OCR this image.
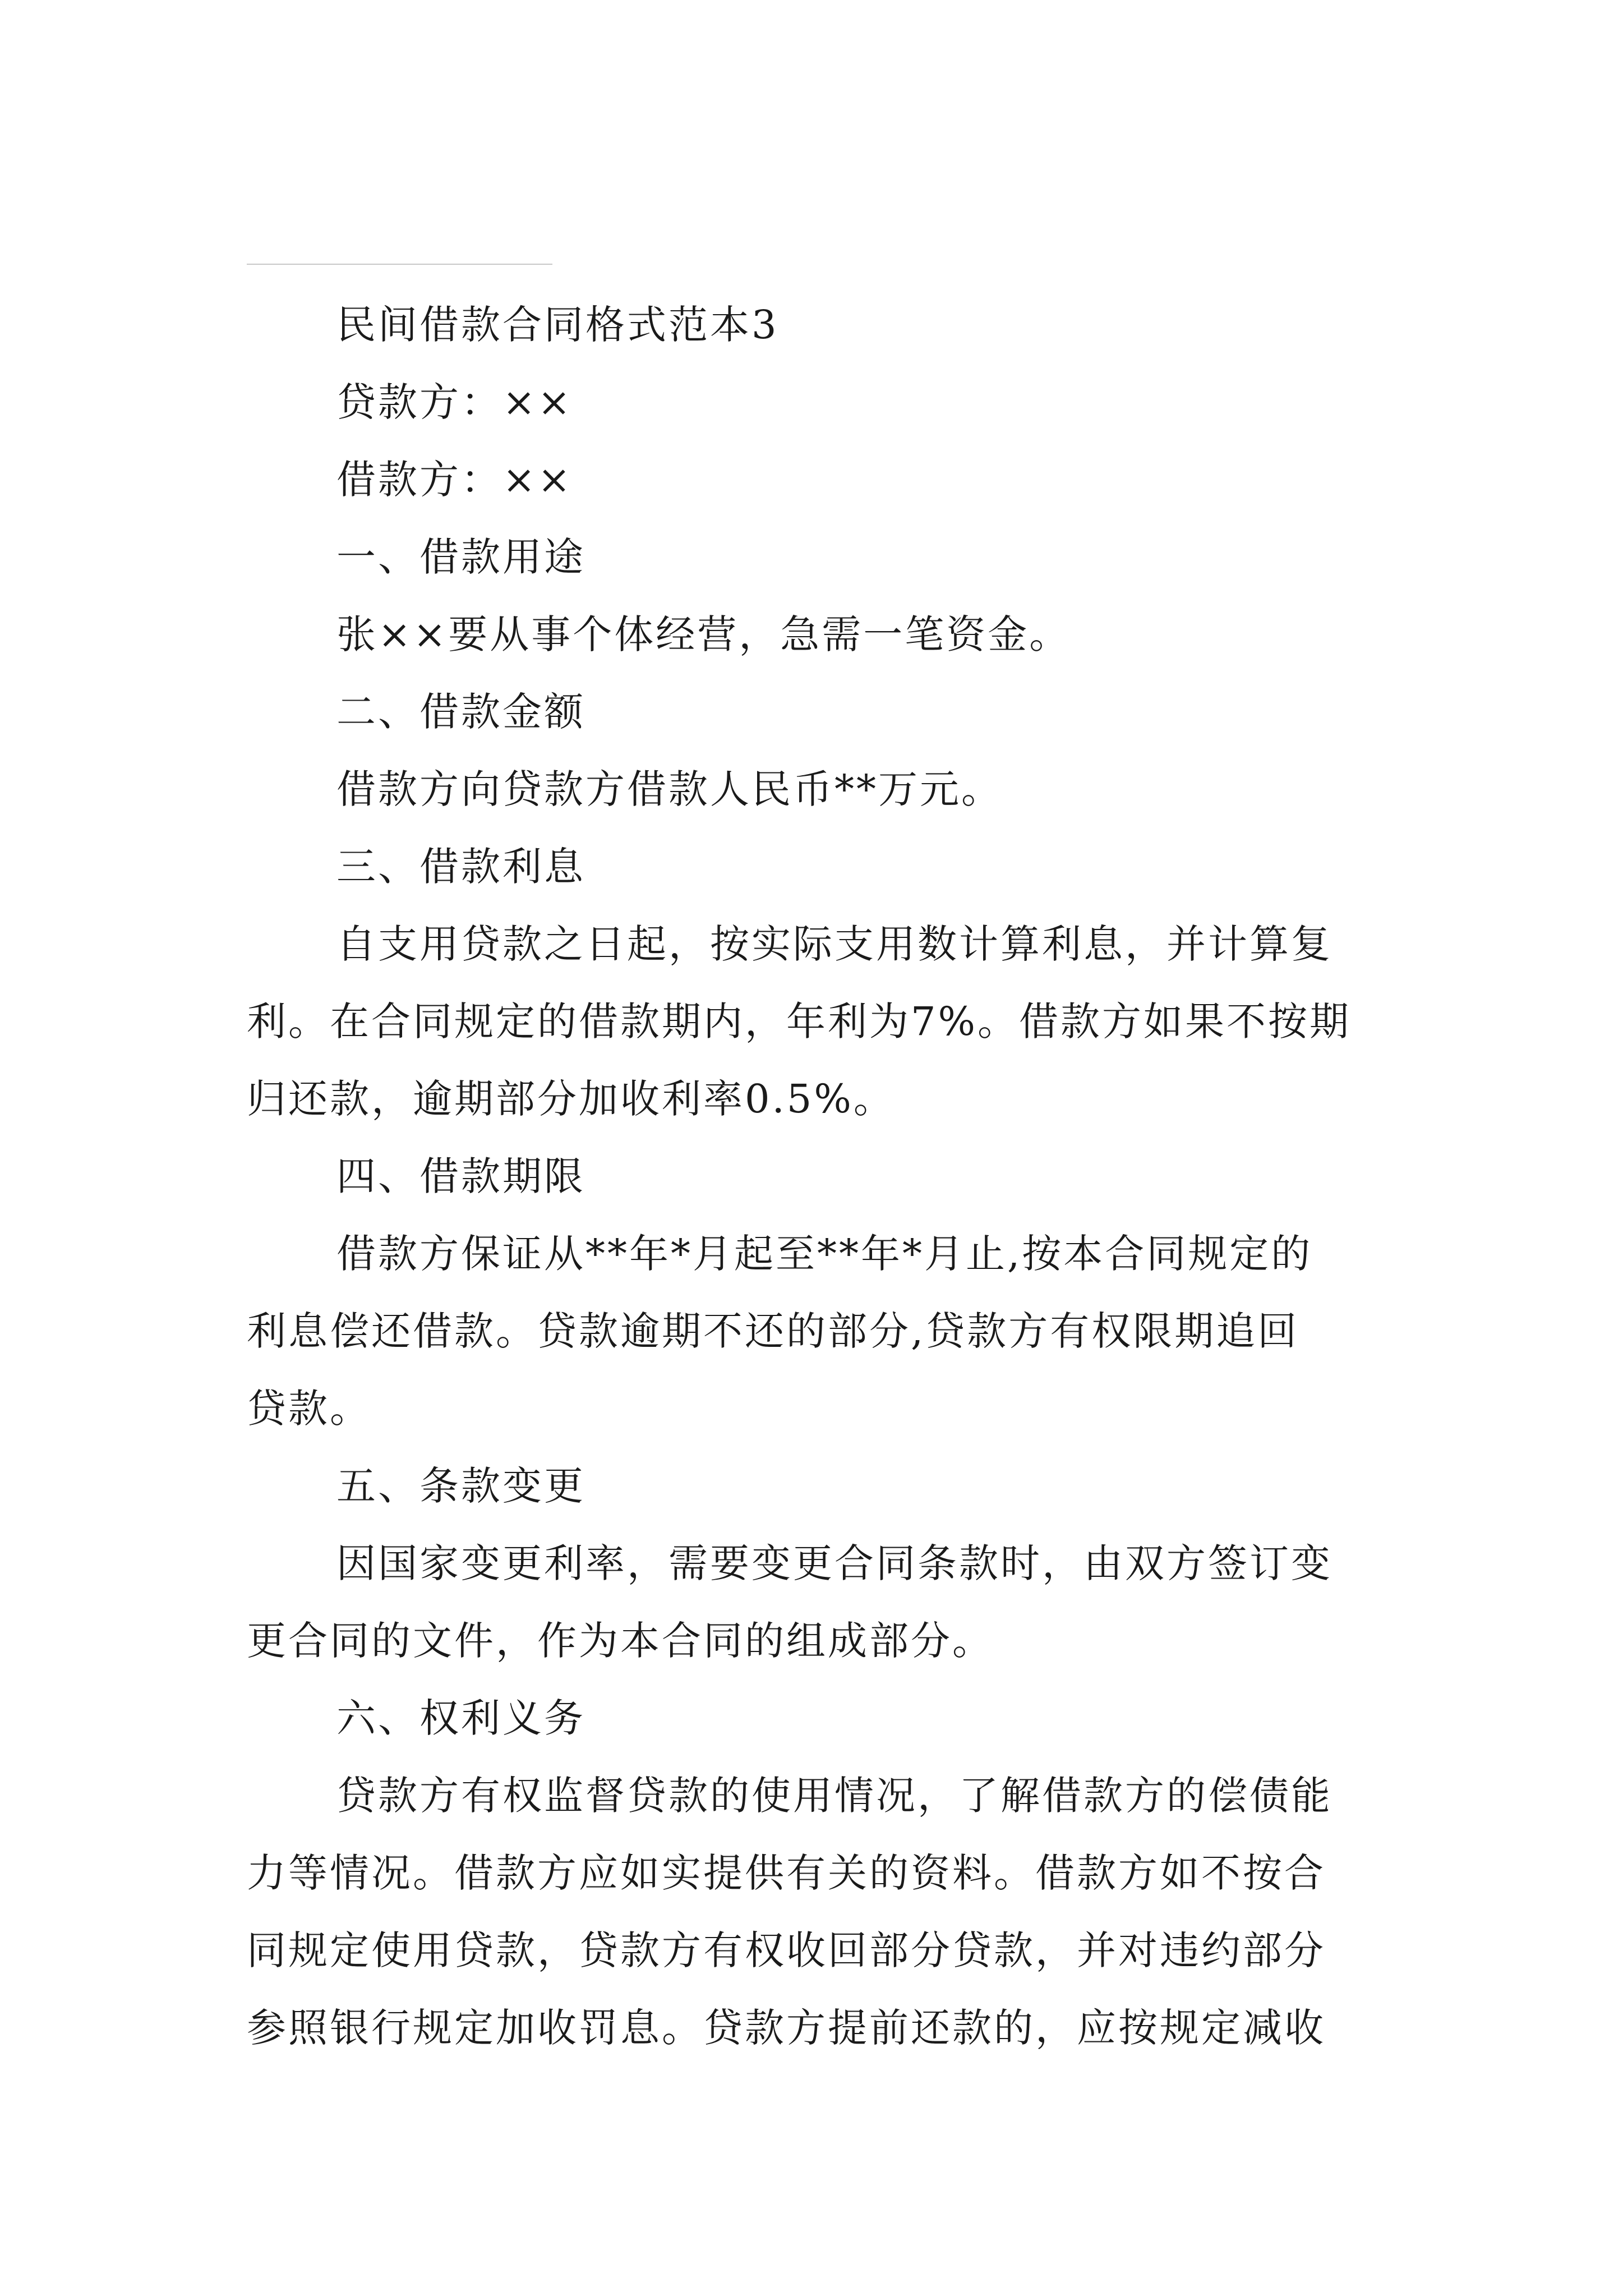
民间借款合同格式范本3

贷款方：××

借款方：××

一、借款用途

张××要从事个体经营，急需一笔资金。

二、借款金额

借款方向贷款方借款人民币**万元。

三、借款利息

自支用贷款之日起，按实际支用数计算利息，并计算复
利。在合同规定的借款期内，年利为7%。借款方如果不按期
归还款，逾期部分加收利率0.5%。

四、借款期限

借款方保证从**年*月起至**年*月止,按本合同规定的
利息偿还借款。贷款逾期不还的部分,贷款方有权限期追回
贷款。

五、条款变更

因国家变更利率，需要变更合同条款时，由双方签订变
更合同的文件，作为本合同的组成部分。

六、权利义务

贷款方有权监督贷款的使用情况，了解借款方的偿债能
力等情况。借款方应如实提供有关的资料。借款方如不按合
同规定使用贷款，贷款方有权收回部分贷款，并对违约部分
参照银行规定加收罚息。贷款方提前还款的，应按规定减收
